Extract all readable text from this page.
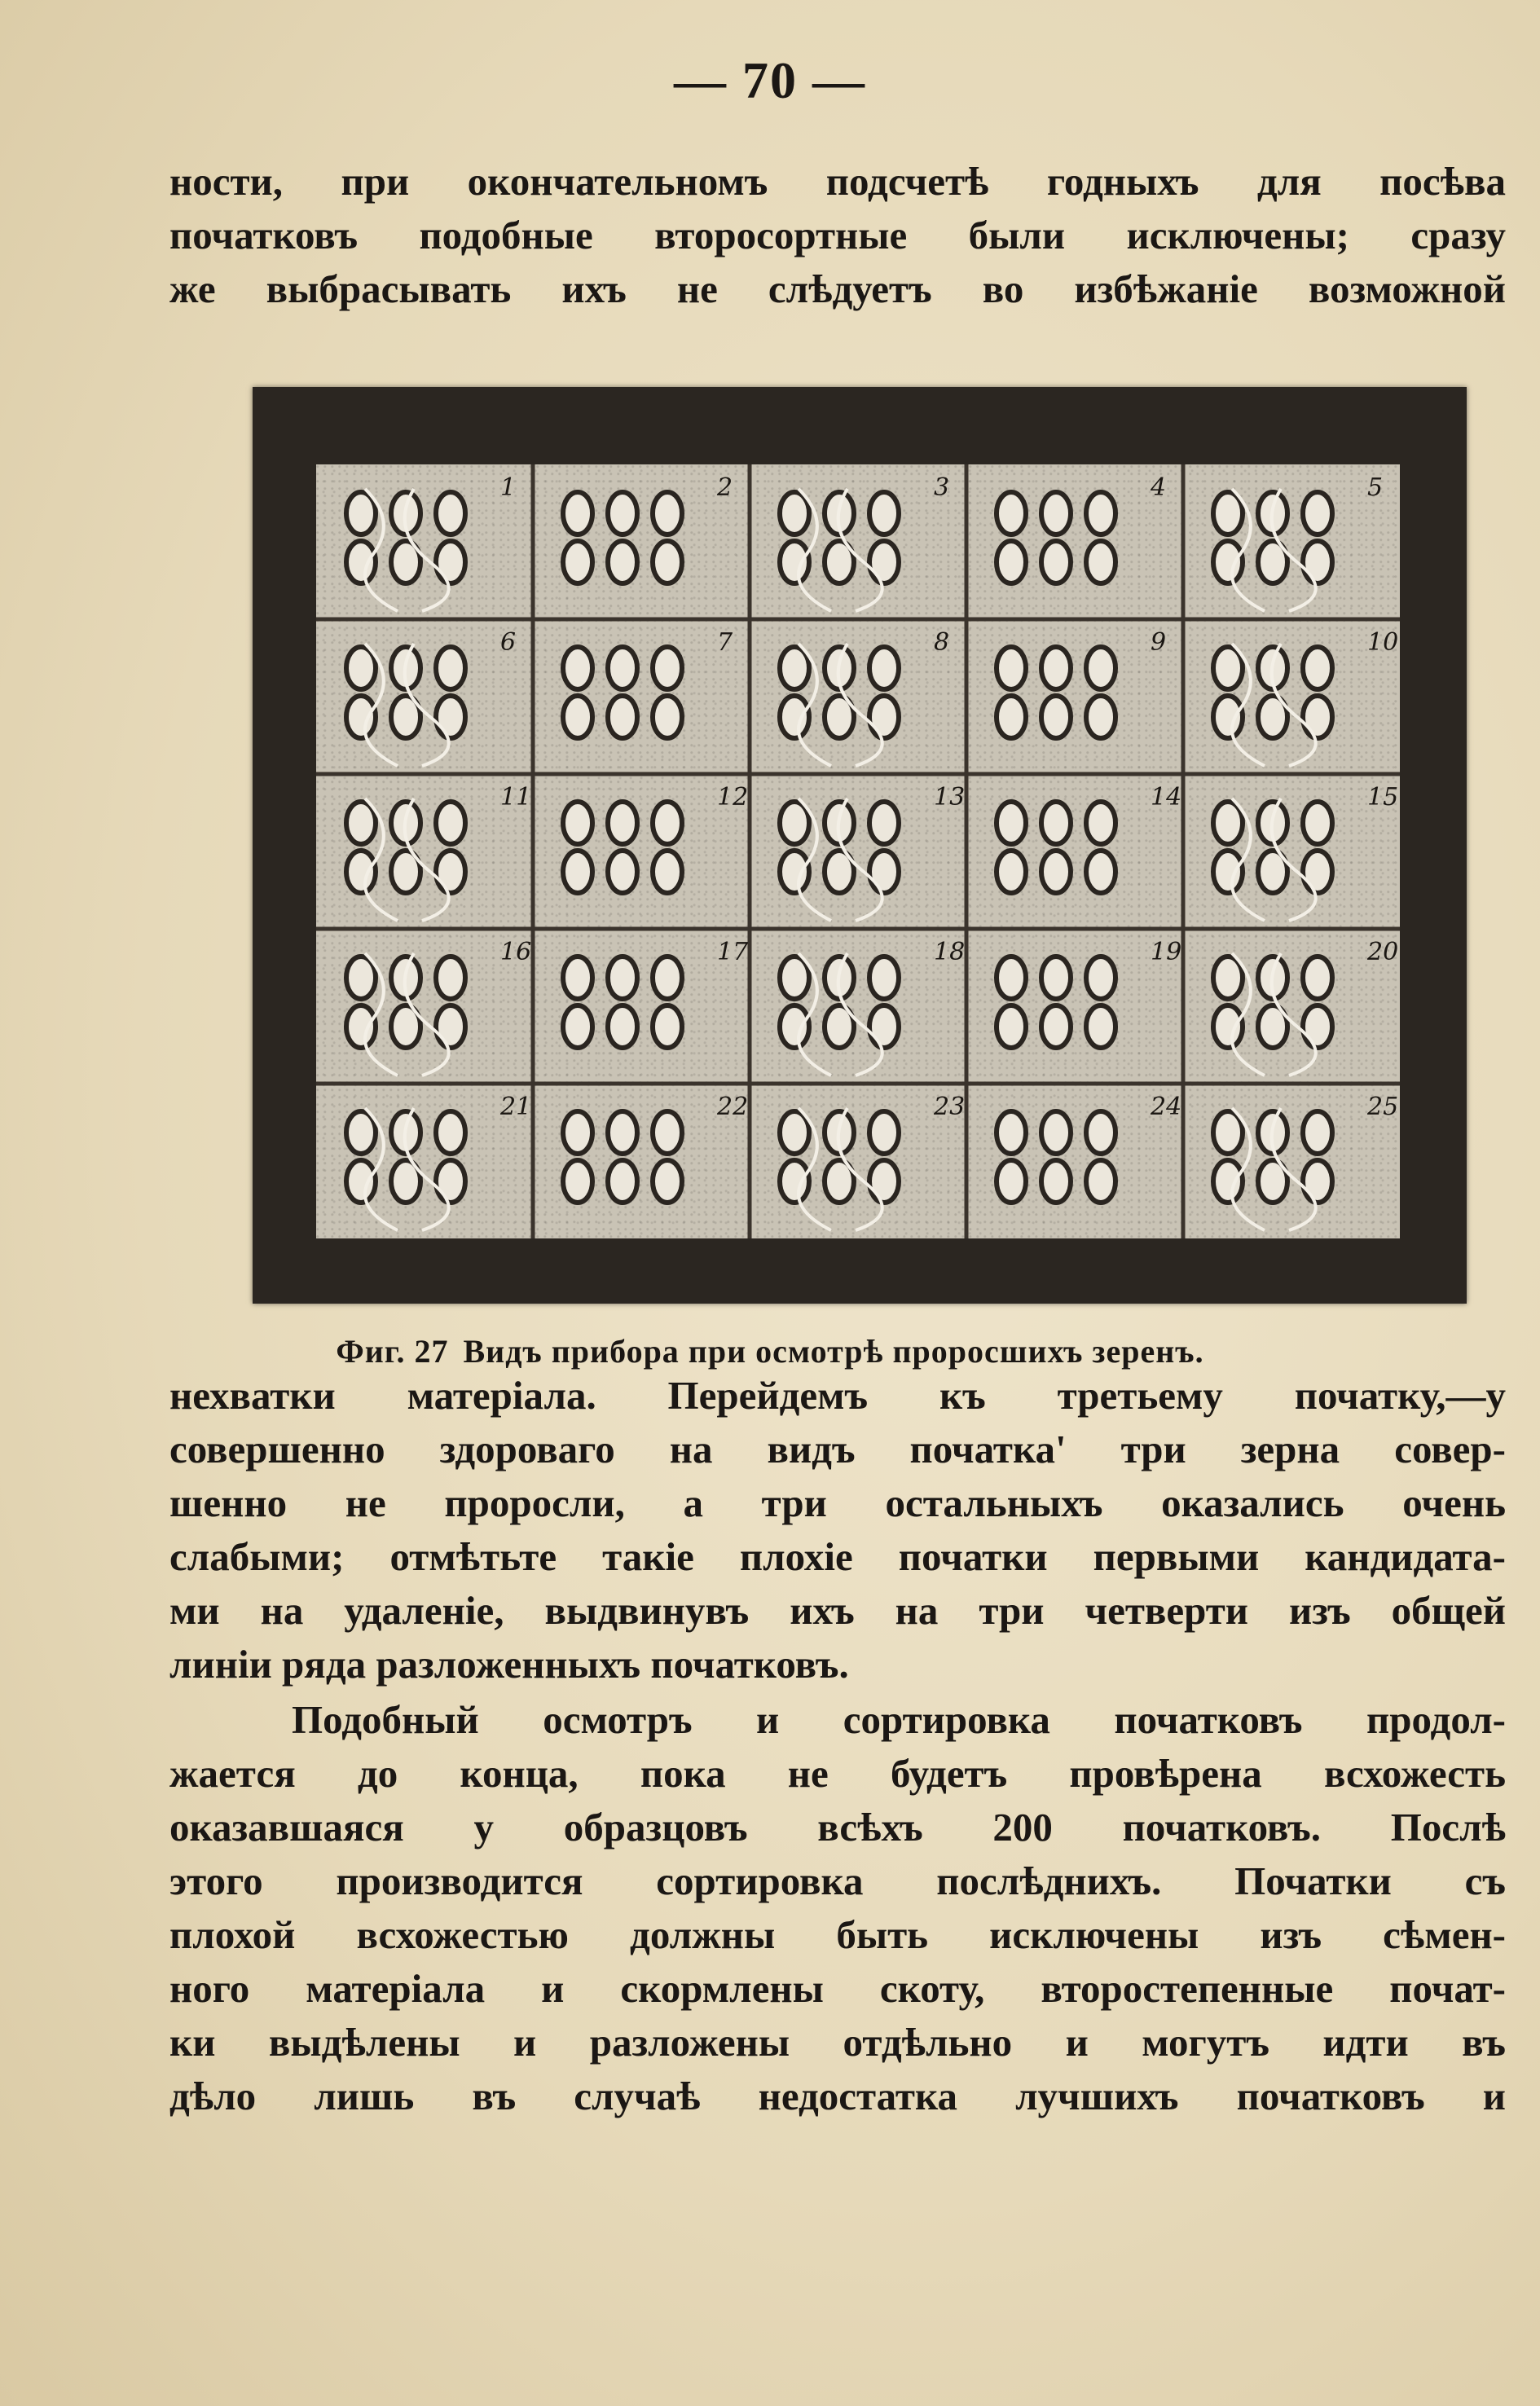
— 70 —
ности, при окончательномъ подсчетѣ годныхъ для посѣва
початковъ подобные второсортные были исключены; сразу
же выбрасывать ихъ не слѣдуетъ во избѣжаніе возможной
1	2	3	4	5
6	7	8	9	10
11	12	13	14	15
16	17	18	19	20
21	22	23	24	25
Фиг. 27 Видъ прибора при осмотрѣ проросшихъ зеренъ.
нехватки матеріала. Перейдемъ къ третьему початку,—у
совершенно здороваго на видъ початка' три зерна совер-
шенно не проросли, а три остальныхъ оказались очень
слабыми; отмѣтьте такіе плохіе початки первыми кандидата-
ми на удаленіе, выдвинувъ ихъ на три четверти изъ общей
линіи ряда разложенныхъ початковъ.
Подобный осмотръ и сортировка початковъ продол-
жается до конца, пока не будетъ провѣрена всхожесть
оказавшаяся у образцовъ всѣхъ 200 початковъ. Послѣ
этого производится сортировка послѣднихъ. Початки съ
плохой всхожестью должны быть исключены изъ сѣмен-
ного матеріала и скормлены скоту, второстепенные почат-
ки выдѣлены и разложены отдѣльно и могутъ идти въ
дѣло лишь въ случаѣ недостатка лучшихъ початковъ и
